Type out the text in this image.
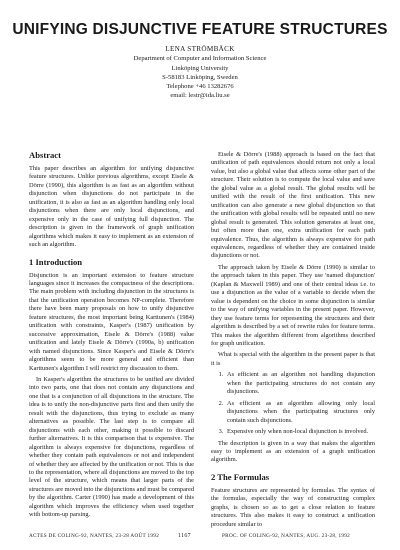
UNIFYING DISJUNCTIVE FEATURE STRUCTURES
LENA STRÖMBÄCK
Department of Computer and Information Science
Linköping University
S-58183 Linköping, Sweden
Telephone +46 13282676
email: lestr@ida.liu.se
Abstract

This paper describes an algorithm for unifying disjunctive feature structures. Unlike previous algorithms, except Eisele & Dörre (1990), this algorithm is as fast as an algorithm without disjunction when disjunctions do not participate in the unification, it is also as fast as an algorithm handling only local disjunctions when there are only local disjunctions, and expensive only in the case of unifying full disjunction. The description is given in the framework of graph unification algorithms which makes it easy to implement as an extension of such an algorithm.

1 Introduction

Disjunction is an important extension to feature structure languages since it increases the compactness of the descriptions. The main problem with including disjunction in the structures is that the unification operation becomes NP-complete. Therefore there have been many proposals on how to unify disjunctive feature structures, the most important being Karttunen's (1984) unification with constraints, Kasper's (1987) unification by successive approximation, Eisele & Dörre's (1988) value unification and lately Eisele & Dörre's (1990a, b) unification with named disjunctions. Since Kasper's and Eisele & Dörre's algorithms seem to be more general and efficient than Karttunen's algorithm I will restrict my discussion to them.

In Kasper's algorithm the structures to be unified are divided into two parts, one that does not contain any disjunctions and one that is a conjunction of all disjunctions in the structure. The idea is to unify the non-disjunctive parts first and then unify the result with the disjunctions, thus trying to exclude as many alternatives as possible. The last step is to compare all disjunctions with each other, making it possible to discard further alternatives. It is this comparison that is expensive. The algorithm is always expensive for disjunctions, regardless of whether they contain path equivalences or not and independent of whether they are affected by the unification or not. This is due to the representation, where all disjunctions are moved to the top level of the structure, which means that larger parts of the structures are moved into the disjunctions and must be compared by the algorithm. Carter (1990) has made a development of this algorithm which improves the efficiency when used together with bottom-up parsing.

Eisele & Dörre's (1988) approach is based on the fact that unification of path equivalences should return not only a local value, but also a global value that affects some other part of the structure. Their solution is to compute the local value and save the global value as a global result. The global results will be unified with the result of the first unification. This new unification can also generate a new global disjunction so that the unification with global results will be repeated until no new global result is generated. This solution generates at least one, but often more than one, extra unification for each path equivalence. Thus, the algorithm is always expensive for path equivalences, regardless of whether they are contained inside disjunctions or not.

The approach taken by Eisele & Dörre (1990) is similar to the approach taken in this paper. They use 'named disjunction' (Kaplan & Maxwell 1989) and one of their central ideas i.e. to use a disjunction as the value of a variable to decide when the value is dependent on the choice in some disjunction is similar to the way of unifying variables in the present paper. However, they use feature terms for representing the structures and their algorithm is described by a set of rewrite rules for feature terms. This makes the algorithm different from algorithms described for graph unification.

What is special with the algorithm in the present paper is that it is

1. As efficient as an algorithm not handling disjunction when the participating structures do not contain any disjunctions.
2. As efficient as an algorithm allowing only local disjunctions when the participating structures only contain such disjunctions.
3. Expensive only when non-local disjunction is involved.

The description is given in a way that makes the algorithm easy to implement as an extension of a graph unification algorithm.

2 The Formulas

Feature structures are represented by formulas. The syntax of the formulas, especially the way of constructing complex graphs, is chosen so as to get a close relation to feature structures. This also makes it easy to construct a unification procedure similar to

ACTES DE COLING-92, NANTES, 23-28 AOÛT 1992	1167	PROC. OF COLING-92, NANTES, AUG. 23-28, 1992
